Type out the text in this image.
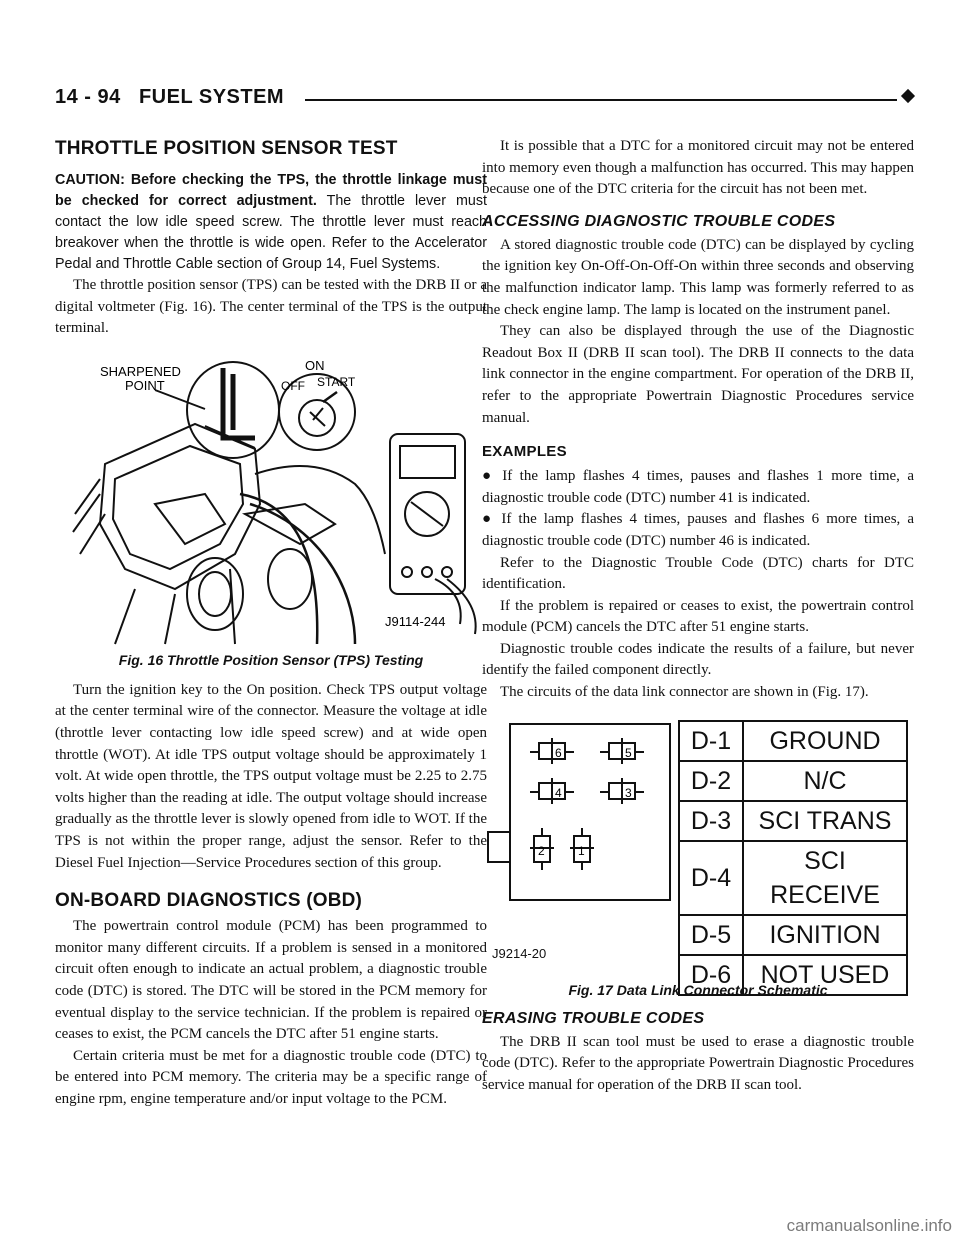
14 - 94 FUEL SYSTEM
THROTTLE POSITION SENSOR TEST

CAUTION: Before checking the TPS, the throttle linkage must be checked for correct adjustment. The throttle lever must contact the low idle speed screw. The throttle lever must reach breakover when the throttle is wide open. Refer to the Accelerator Pedal and Throttle Cable section of Group 14, Fuel Systems.

The throttle position sensor (TPS) can be tested with the DRB II or a digital voltmeter (Fig. 16). The center terminal of the TPS is the output terminal.

SHARPENED
POINT
ON
OFF START
J9114-244
Fig. 16 Throttle Position Sensor (TPS) Testing

Turn the ignition key to the On position. Check TPS output voltage at the center terminal wire of the connector. Measure the voltage at idle (throttle lever contacting low idle speed screw) and at wide open throttle (WOT). At idle TPS output voltage should be approximately 1 volt. At wide open throttle, the TPS output voltage must be 2.25 to 2.75 volts higher than the reading at idle. The output voltage should increase gradually as the throttle lever is slowly opened from idle to WOT. If the TPS is not within the proper range, adjust the sensor. Refer to the Diesel Fuel Injection—Service Procedures section of this group.

ON-BOARD DIAGNOSTICS (OBD)

The powertrain control module (PCM) has been programmed to monitor many different circuits. If a problem is sensed in a monitored circuit often enough to indicate an actual problem, a diagnostic trouble code (DTC) is stored. The DTC will be stored in the PCM memory for eventual display to the service technician. If the problem is repaired or ceases to exist, the PCM cancels the DTC after 51 engine starts.

Certain criteria must be met for a diagnostic trouble code (DTC) to be entered into PCM memory. The criteria may be a specific range of engine rpm, engine temperature and/or input voltage to the PCM.

It is possible that a DTC for a monitored circuit may not be entered into memory even though a malfunction has occurred. This may happen because one of the DTC criteria for the circuit has not been met.

ACCESSING DIAGNOSTIC TROUBLE CODES

A stored diagnostic trouble code (DTC) can be displayed by cycling the ignition key On-Off-On-Off-On within three seconds and observing the malfunction indicator lamp. This lamp was formerly referred to as the check engine lamp. The lamp is located on the instrument panel.

They can also be displayed through the use of the Diagnostic Readout Box II (DRB II scan tool). The DRB II connects to the data link connector in the engine compartment. For operation of the DRB II, refer to the appropriate Powertrain Diagnostic Procedures service manual.

EXAMPLES

● If the lamp flashes 4 times, pauses and flashes 1 more time, a diagnostic trouble code (DTC) number 41 is indicated.

● If the lamp flashes 4 times, pauses and flashes 6 more times, a diagnostic trouble code (DTC) number 46 is indicated.

Refer to the Diagnostic Trouble Code (DTC) charts for DTC identification.

If the problem is repaired or ceases to exist, the powertrain control module (PCM) cancels the DTC after 51 engine starts.

Diagnostic trouble codes indicate the results of a failure, but never identify the failed component directly.

The circuits of the data link connector are shown in (Fig. 17).

6	5
4	3
2	1
J9214-20
D-1	GROUND
D-2	N/C
D-3	SCI TRANS
D-4	SCI RECEIVE
D-5	IGNITION
D-6	NOT USED
Fig. 17 Data Link Connector Schematic
ERASING TROUBLE CODES

The DRB II scan tool must be used to erase a diagnostic trouble code (DTC). Refer to the appropriate Powertrain Diagnostic Procedures service manual for operation of the DRB II scan tool.

carmanualsonline.info
